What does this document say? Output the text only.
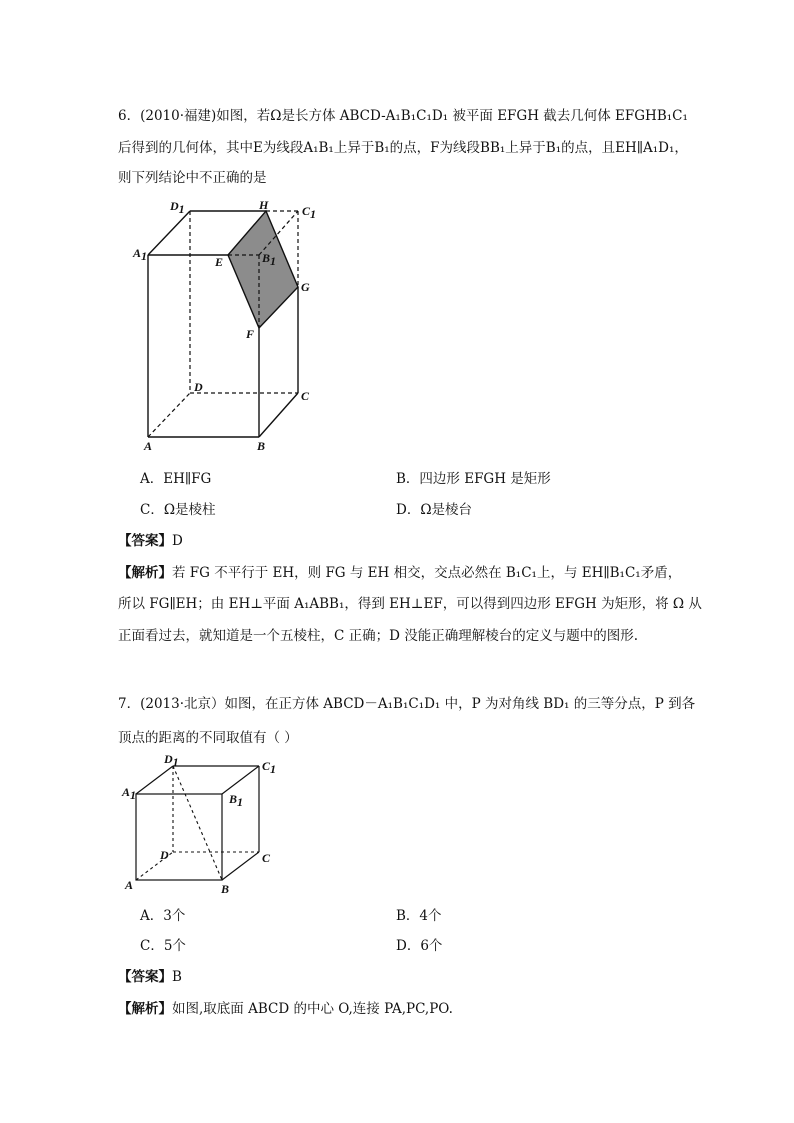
6．(2010·福建)如图，若Ω是长方体 ABCD-A₁B₁C₁D₁ 被平面 EFGH 截去几何体 EFGHB₁C₁
后得到的几何体，其中E为线段A₁B₁上异于B₁的点，F为线段BB₁上异于B₁的点，且EH∥A₁D₁，
则下列结论中不正确的是
D1	H	C1
A1	E	B1
G
F
D
C
A	B
A．EH∥FG	B．四边形 EFGH 是矩形
C．Ω是棱柱	D．Ω是棱台
【答案】D
【解析】若 FG 不平行于 EH，则 FG 与 EH 相交，交点必然在 B₁C₁上，与 EH∥B₁C₁矛盾，
所以 FG∥EH；由 EH⊥平面 A₁ABB₁，得到 EH⊥EF，可以得到四边形 EFGH 为矩形，将 Ω 从
正面看过去，就知道是一个五棱柱，C 正确；D 没能正确理解棱台的定义与题中的图形.
7．(2013·北京）如图，在正方体 ABCD－A₁B₁C₁D₁ 中，P 为对角线 BD₁ 的三等分点，P 到各
顶点的距离的不同取值有（ ）
D1	C1
A1	B1
D	C
A	B
A．3个	B．4个
C．5个	D．6个
【答案】B
【解析】如图,取底面 ABCD 的中心 O,连接 PA,PC,PO.
